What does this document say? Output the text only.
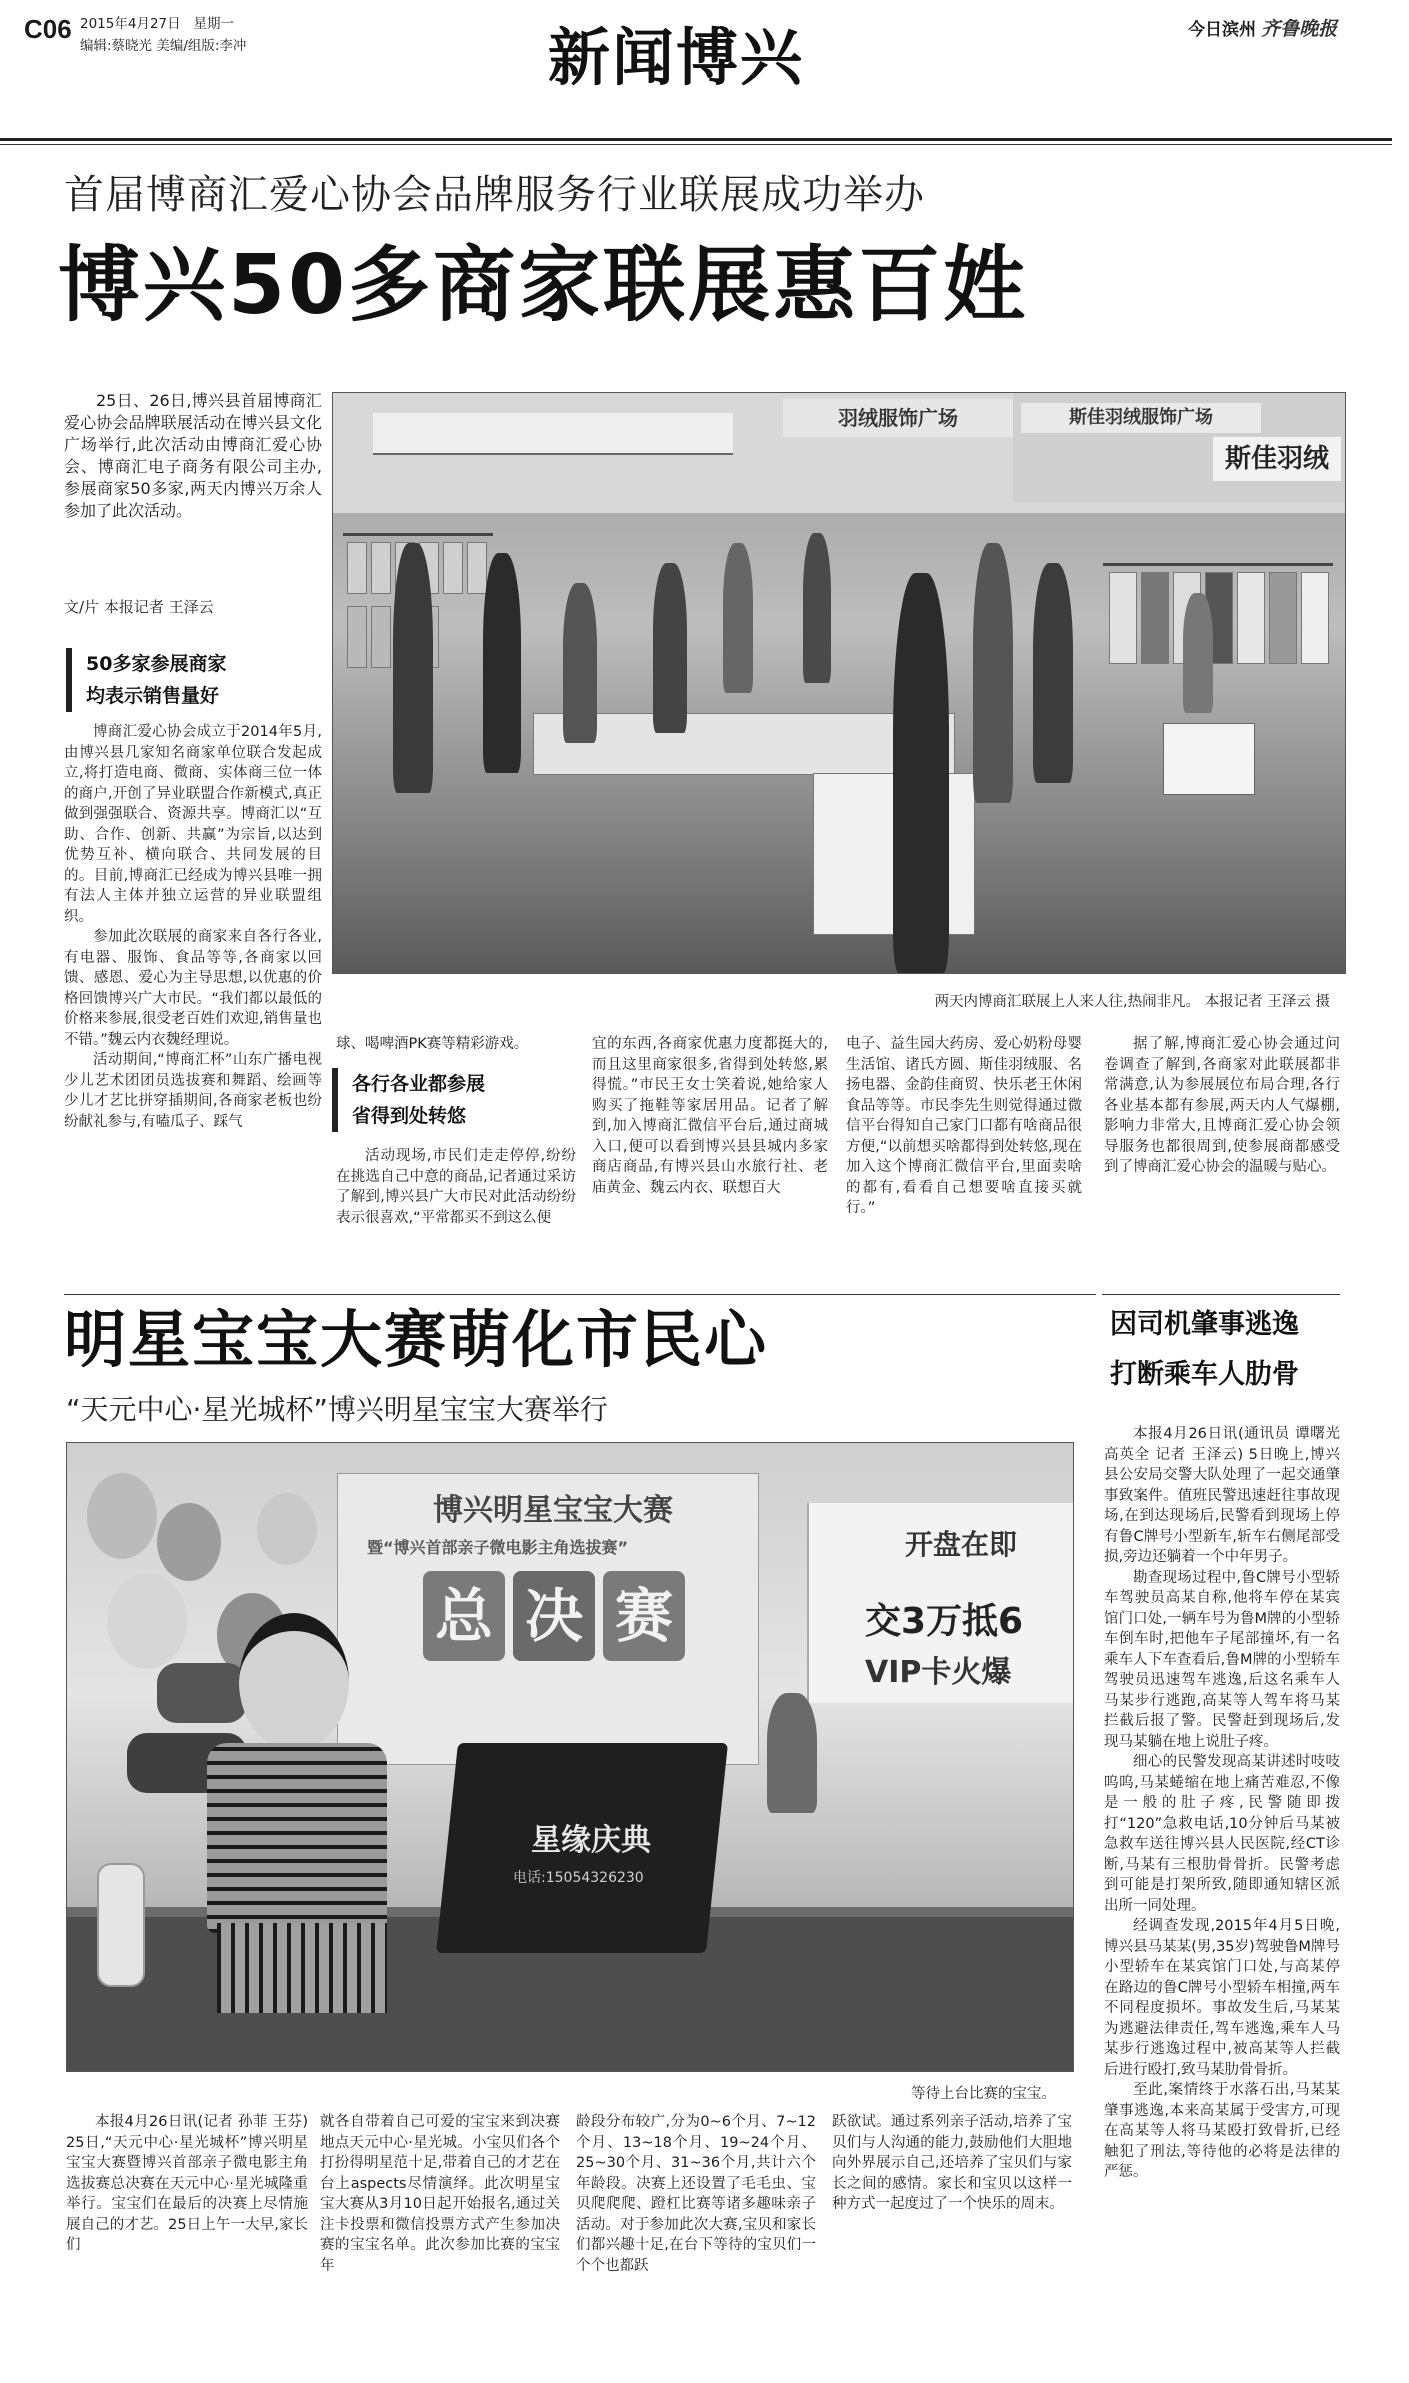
C06 2015年4月27日 星期一
编辑:蔡晓光 美编/组版:李冲	新闻博兴	今日滨州 齐鲁晚报
首届博商汇爱心协会品牌服务行业联展成功举办
博兴50多商家联展惠百姓
25日、26日,博兴县首届博商汇爱心协会品牌联展活动在博兴县文化广场举行,此次活动由博商汇爱心协会、博商汇电子商务有限公司主办,参展商家50多家,两天内博兴万余人参加了此次活动。
文/片 本报记者 王泽云
50多家参展商家
均表示销售量好

博商汇爱心协会成立于2014年5月,由博兴县几家知名商家单位联合发起成立,将打造电商、微商、实体商三位一体的商户,开创了异业联盟合作新模式,真正做到强强联合、资源共享。博商汇以“互助、合作、创新、共赢”为宗旨,以达到优势互补、横向联合、共同发展的目的。目前,博商汇已经成为博兴县唯一拥有法人主体并独立运营的异业联盟组织。

参加此次联展的商家来自各行各业,有电器、服饰、食品等等,各商家以回馈、感恩、爱心为主导思想,以优惠的价格回馈博兴广大市民。“我们都以最低的价格来参展,很受老百姓们欢迎,销售量也不错。”魏云内衣魏经理说。

活动期间,“博商汇杯”山东广播电视少儿艺术团团员选拔赛和舞蹈、绘画等少儿才艺比拼穿插期间,各商家老板也纷纷献礼参与,有嗑瓜子、踩气

羽绒服饰广场	斯佳羽绒服饰广场
斯佳羽绒
两天内博商汇联展上人来人往,热闹非凡。 本报记者 王泽云 摄
球、喝啤酒PK赛等精彩游戏。
各行各业都参展
省得到处转悠
活动现场,市民们走走停停,纷纷在挑选自己中意的商品,记者通过采访了解到,博兴县广大市民对此活动纷纷表示很喜欢,“平常都买不到这么便
宜的东西,各商家优惠力度都挺大的,而且这里商家很多,省得到处转悠,累得慌。”市民王女士笑着说,她给家人购买了拖鞋等家居用品。记者了解到,加入博商汇微信平台后,通过商城入口,便可以看到博兴县县城内多家商店商品,有博兴县山水旅行社、老庙黄金、魏云内衣、联想百大
电子、益生园大药房、爱心奶粉母婴生活馆、诸氏方圆、斯佳羽绒服、名扬电器、金韵佳商贸、快乐老王休闲食品等等。市民李先生则觉得通过微信平台得知自己家门口都有啥商品很方便,“以前想买啥都得到处转悠,现在加入这个博商汇微信平台,里面卖啥的都有,看看自己想要啥直接买就行。”
据了解,博商汇爱心协会通过问卷调查了解到,各商家对此联展都非常满意,认为参展展位布局合理,各行各业基本都有参展,两天内人气爆棚,影响力非常大,且博商汇爱心协会领导服务也都很周到,使参展商都感受到了博商汇爱心协会的温暖与贴心。
明星宝宝大赛萌化市民心
“天元中心·星光城杯”博兴明星宝宝大赛举行
博兴明星宝宝大赛
暨“博兴首部亲子微电影主角选拔赛”
总 决 赛
开盘在即
交3万抵6
VIP卡火爆
星缘庆典
电话:15054326230
等待上台比赛的宝宝。
本报4月26日讯(记者 孙菲 王芬) 25日,“天元中心·星光城杯”博兴明星宝宝大赛暨博兴首部亲子微电影主角选拔赛总决赛在天元中心·星光城隆重举行。宝宝们在最后的决赛上尽情施展自己的才艺。25日上午一大早,家长们
就各自带着自己可爱的宝宝来到决赛地点天元中心·星光城。小宝贝们各个打扮得明星范十足,带着自己的才艺在台上aspects尽情演绎。此次明星宝宝大赛从3月10日起开始报名,通过关注卡投票和微信投票方式产生参加决赛的宝宝名单。此次参加比赛的宝宝年
龄段分布较广,分为0~6个月、7~12个月、13~18个月、19~24个月、25~30个月、31~36个月,共计六个年龄段。决赛上还设置了毛毛虫、宝贝爬爬爬、蹬杠比赛等诸多趣味亲子活动。对于参加此次大赛,宝贝和家长们都兴趣十足,在台下等待的宝贝们一个个也都跃
跃欲试。通过系列亲子活动,培养了宝贝们与人沟通的能力,鼓励他们大胆地向外界展示自己,还培养了宝贝们与家长之间的感情。家长和宝贝以这样一种方式一起度过了一个快乐的周末。
因司机肇事逃逸
打断乘车人肋骨

本报4月26日讯(通讯员 谭曙光 高英全 记者 王泽云) 5日晚上,博兴县公安局交警大队处理了一起交通肇事致案件。值班民警迅速赶往事故现场,在到达现场后,民警看到现场上停有鲁C牌号小型新车,斩车右侧尾部受损,旁边还躺着一个中年男子。

勘查现场过程中,鲁C牌号小型轿车驾驶员高某自称,他将车停在某宾馆门口处,一辆车号为鲁M牌的小型轿车倒车时,把他车子尾部撞坏,有一名乘车人下车查看后,鲁M牌的小型轿车驾驶员迅速驾车逃逸,后这名乘车人马某步行逃跑,高某等人驾车将马某拦截后报了警。民警赶到现场后,发现马某躺在地上说肚子疼。

细心的民警发现高某讲述时吱吱呜呜,马某蜷缩在地上痛苦难忍,不像是一般的肚子疼,民警随即拨打“120”急救电话,10分钟后马某被急救车送往博兴县人民医院,经CT诊断,马某有三根肋骨骨折。民警考虑到可能是打架所致,随即通知辖区派出所一同处理。

经调查发现,2015年4月5日晚,博兴县马某某(男,35岁)驾驶鲁M牌号小型轿车在某宾馆门口处,与高某停在路边的鲁C牌号小型轿车相撞,两车不同程度损坏。事故发生后,马某某为逃避法律责任,驾车逃逸,乘车人马某步行逃逸过程中,被高某等人拦截后进行殴打,致马某肋骨骨折。

至此,案情终于水落石出,马某某肇事逃逸,本来高某属于受害方,可现在高某等人将马某殴打致骨折,已经触犯了刑法,等待他的必将是法律的严惩。
